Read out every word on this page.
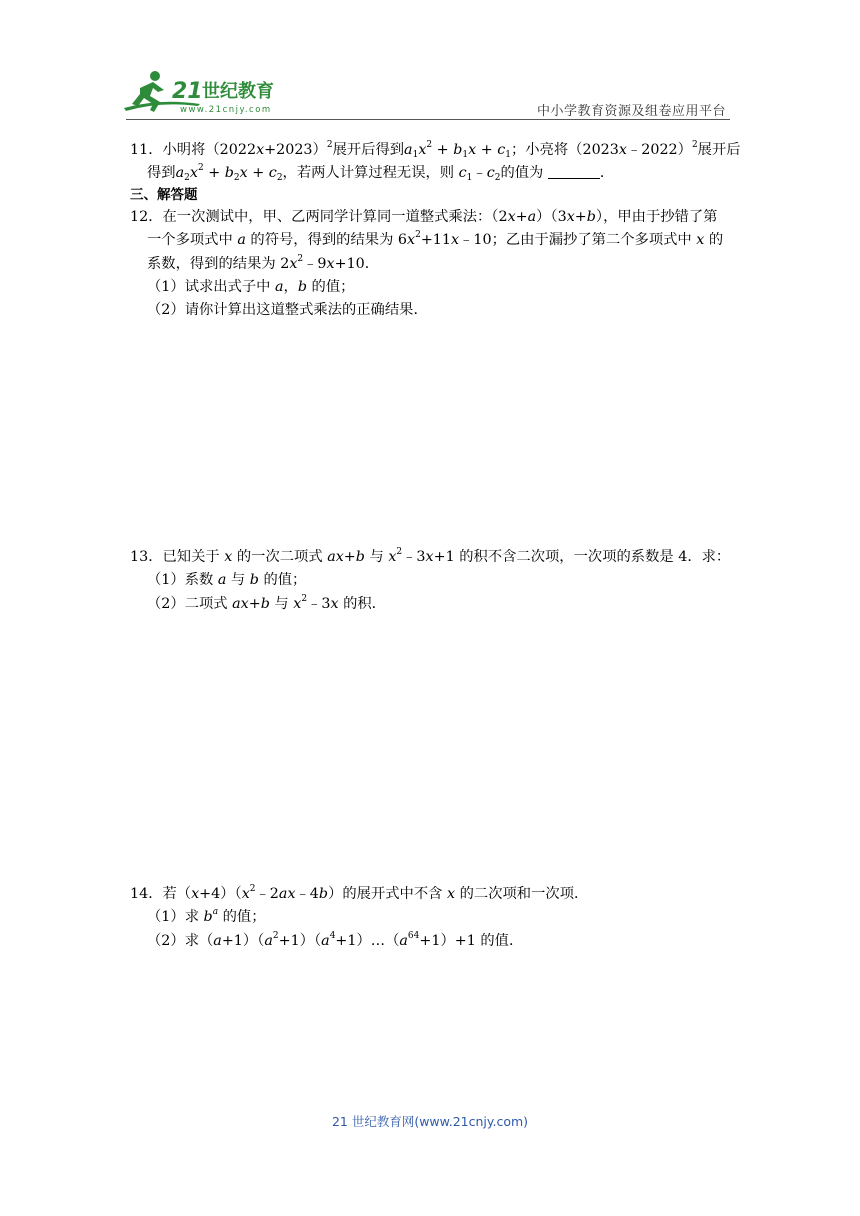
21 世纪教育
www.21cnjy.com	中小学教育资源及组卷应用平台

11．小明将$(2022x+2023)^2$展开后得到$a_1x^2 + b_1x + c_1$；小亮将（2023x﹣2022）$^2$展开后

得到$a_2x^2 + b_2x + c_2$，若两人计算过程无误，则 $c_1﹣c_2$的值为	．

三、解答题

12．在一次测试中，甲、乙两同学计算同一道整式乘法：（2x+a）（3x+b），甲由于抄错了第

一个多项式中 a 的符号，得到的结果为 $6x^2+11x﹣10$；乙由于漏抄了第二个多项式中 x 的

系数，得到的结果为 $2x^2﹣9x+10$．

（1）试求出式子中 a，b 的值；

（2）请你计算出这道整式乘法的正确结果．

13．已知关于 x 的一次二项式 ax+b 与 $x^2﹣3x+1$ 的积不含二次项，一次项的系数是 4．求：

（1）系数 a 与 b 的值；

（2）二项式 ax+b 与 $x^2﹣3x$ 的积．

14．若$(x+4)(x^2﹣2ax﹣4b)$的展开式中不含 x 的二次项和一次项．

（1）求 $b^a$ 的值；

（2）求$(a+1)(a^2+1)(a^4+1)\dots(a^{64}+1)+1$ 的值．

21 世纪教育网(www.21cnjy.com)
